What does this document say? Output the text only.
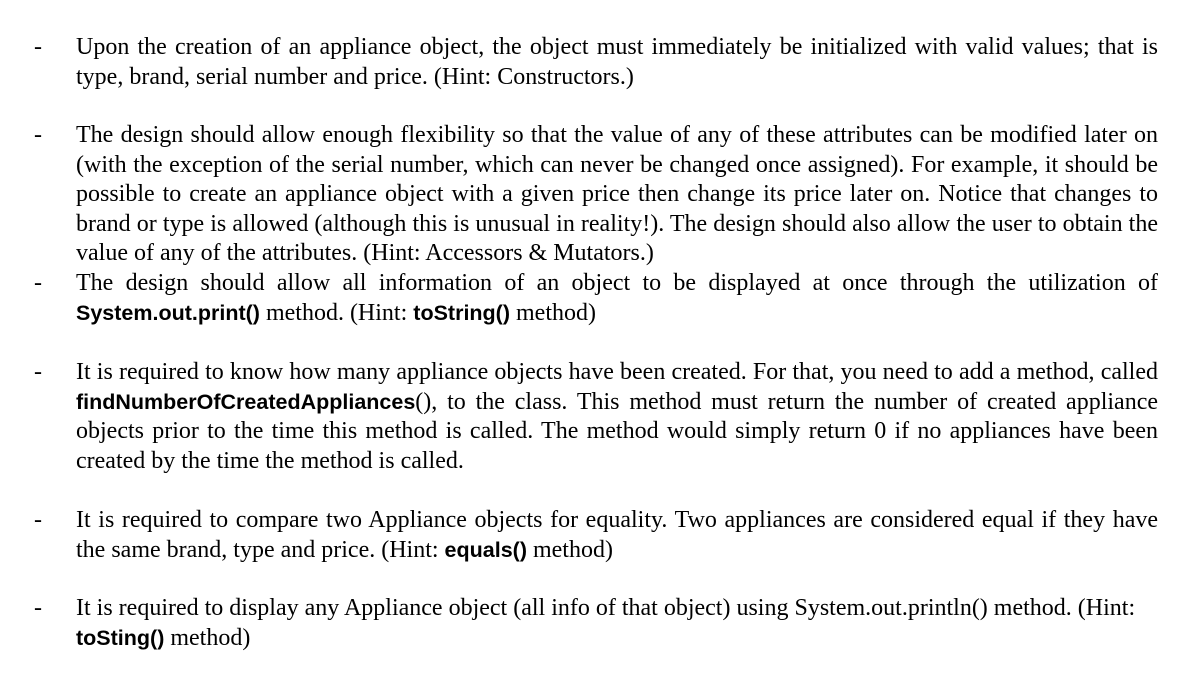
- Upon the creation of an appliance object, the object must immediately be initialized with valid values; that is type, brand, serial number and price. (Hint: Constructors.)
- The design should allow enough flexibility so that the value of any of these attributes can be modified later on (with the exception of the serial number, which can never be changed once assigned). For example, it should be possible to create an appliance object with a given price then change its price later on. Notice that changes to brand or type is allowed (although this is unusual in reality!). The design should also allow the user to obtain the value of any of the attributes. (Hint: Accessors & Mutators.)
- The design should allow all information of an object to be displayed at once through the utilization of System.out.print() method. (Hint: toString() method)
- It is required to know how many appliance objects have been created. For that, you need to add a method, called findNumberOfCreatedAppliances(), to the class. This method must return the number of created appliance objects prior to the time this method is called. The method would simply return 0 if no appliances have been created by the time the method is called.
- It is required to compare two Appliance objects for equality. Two appliances are considered equal if they have the same brand, type and price. (Hint: equals() method)
- It is required to display any Appliance object (all info of that object) using System.out.println() method. (Hint: toSting() method)
